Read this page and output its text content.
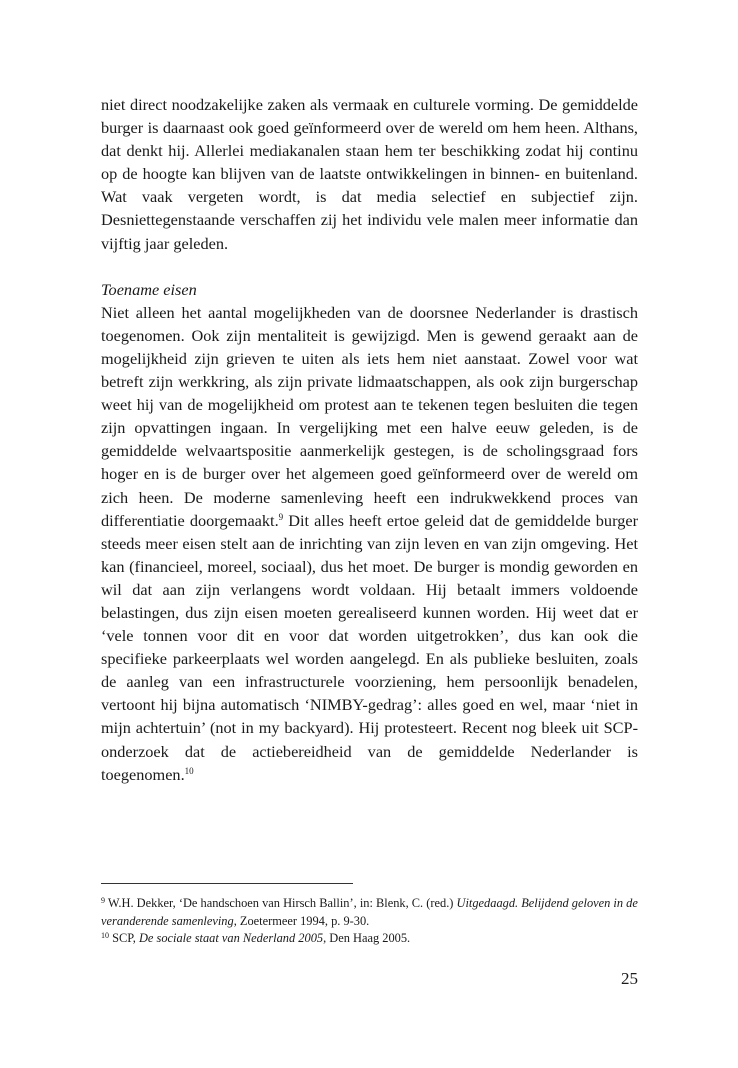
niet direct noodzakelijke zaken als vermaak en culturele vorming. De gemiddelde burger is daarnaast ook goed geïnformeerd over de wereld om hem heen. Althans, dat denkt hij. Allerlei mediakanalen staan hem ter beschikking zodat hij continu op de hoogte kan blijven van de laatste ontwikkelingen in binnen- en buitenland. Wat vaak vergeten wordt, is dat media selectief en subjectief zijn. Desniettegenstaande verschaffen zij het individu vele malen meer informatie dan vijftig jaar geleden.

Toename eisen

Niet alleen het aantal mogelijkheden van de doorsnee Nederlander is drastisch toegenomen. Ook zijn mentaliteit is gewijzigd. Men is gewend geraakt aan de mogelijkheid zijn grieven te uiten als iets hem niet aanstaat. Zowel voor wat betreft zijn werkkring, als zijn private lidmaatschappen, als ook zijn burgerschap weet hij van de mogelijkheid om protest aan te tekenen tegen besluiten die tegen zijn opvattingen ingaan. In vergelijking met een halve eeuw geleden, is de gemiddelde welvaartspositie aanmerkelijk gestegen, is de scholingsgraad fors hoger en is de burger over het algemeen goed geïnformeerd over de wereld om zich heen. De moderne samenleving heeft een indrukwekkend proces van differentiatie doorgemaakt.$^9$ Dit alles heeft ertoe geleid dat de gemiddelde burger steeds meer eisen stelt aan de inrichting van zijn leven en van zijn omgeving. Het kan (financieel, moreel, sociaal), dus het moet. De burger is mondig geworden en wil dat aan zijn verlangens wordt voldaan. Hij betaalt immers voldoende belastingen, dus zijn eisen moeten gerealiseerd kunnen worden. Hij weet dat er ‘vele tonnen voor dit en voor dat worden uitgetrokken’, dus kan ook die specifieke parkeerplaats wel worden aangelegd. En als publieke besluiten, zoals de aanleg van een infrastructurele voorziening, hem persoonlijk benadelen, vertoont hij bijna automatisch ‘NIMBY-gedrag’: alles goed en wel, maar ‘niet in mijn achtertuin’ (not in my backyard). Hij protesteert. Recent nog bleek uit SCP-onderzoek dat de actiebereidheid van de gemiddelde Nederlander is toegenomen.$^{10}$

$^9$ W.H. Dekker, ‘De handschoen van Hirsch Ballin’, in: Blenk, C. (red.) Uitgedaagd. Belijdend geloven in de veranderende samenleving, Zoetermeer 1994, p. 9-30.

$^{10}$ SCP, De sociale staat van Nederland 2005, Den Haag 2005.

25
